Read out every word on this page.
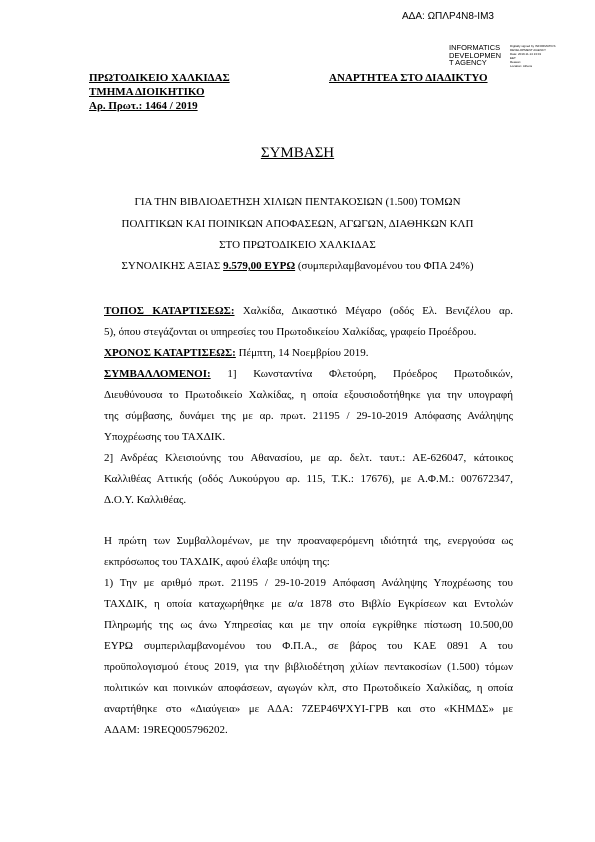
ΑΔΑ: ΩΠΛΡ4Ν8-ΙΜ3
INFORMATICS
DEVELOPMEN
T AGENCY
Digitally signed by INFORMATICS
DEVELOPMENT AGENCY
Date: 2019.11.14 13:01
EET
Reason:
Location: Athens
ΠΡΩΤΟΔΙΚΕΙΟ ΧΑΛΚΙΔΑΣ
ΤΜΗΜΑ ΔΙΟΙΚΗΤΙΚΟ
Αρ. Πρωτ.: 1464 / 2019
ΑΝΑΡΤΗΤΕΑ ΣΤΟ ΔΙΑΔΙΚΤΥΟ
ΣΥΜΒΑΣΗ
ΓΙΑ ΤΗΝ ΒΙΒΛΙΟΔΕΤΗΣΗ ΧΙΛΙΩΝ ΠΕΝΤΑΚΟΣΙΩΝ (1.500) ΤΟΜΩΝ
ΠΟΛΙΤΙΚΩΝ ΚΑΙ ΠΟΙΝΙΚΩΝ ΑΠΟΦΑΣΕΩΝ, ΑΓΩΓΩΝ, ΔΙΑΘΗΚΩΝ ΚΛΠ
ΣΤΟ ΠΡΩΤΟΔΙΚΕΙΟ ΧΑΛΚΙΔΑΣ
ΣΥΝΟΛΙΚΗΣ ΑΞΙΑΣ 9.579,00 ΕΥΡΩ (συμπεριλαμβανομένου του ΦΠΑ 24%)
ΤΟΠΟΣ ΚΑΤΑΡΤΙΣΕΩΣ: Χαλκίδα, Δικαστικό Μέγαρο (οδός Ελ. Βενιζέλου αρ.
5), όπου στεγάζονται οι υπηρεσίες του Πρωτοδικείου Χαλκίδας, γραφείο Προέδρου.
ΧΡΟΝΟΣ ΚΑΤΑΡΤΙΣΕΩΣ: Πέμπτη, 14 Νοεμβρίου 2019.
ΣΥΜΒΑΛΛΟΜΕΝΟΙ: 1] Κωνσταντίνα Φλετούρη, Πρόεδρος Πρωτοδικών,
Διευθύνουσα το Πρωτοδικείο Χαλκίδας, η οποία εξουσιοδοτήθηκε για την υπογραφή
της σύμβασης, δυνάμει της με αρ. πρωτ. 21195 / 29-10-2019 Απόφασης Ανάληψης
Υποχρέωσης του ΤΑΧΔΙΚ.
2] Ανδρέας Κλεισιούνης του Αθανασίου, με αρ. δελτ. ταυτ.: ΑΕ-626047, κάτοικος
Καλλιθέας Αττικής (οδός Λυκούργου αρ. 115, Τ.Κ.: 17676), με Α.Φ.Μ.: 007672347,
Δ.Ο.Υ. Καλλιθέας.
Η πρώτη των Συμβαλλομένων, με την προαναφερόμενη ιδιότητά της, ενεργούσα ως
εκπρόσωπος του ΤΑΧΔΙΚ, αφού έλαβε υπόψη της:
1) Την με αριθμό πρωτ. 21195 / 29-10-2019 Απόφαση Ανάληψης Υποχρέωσης του
ΤΑΧΔΙΚ, η οποία καταχωρήθηκε με α/α 1878 στο Βιβλίο Εγκρίσεων και Εντολών
Πληρωμής της ως άνω Υπηρεσίας και με την οποία εγκρίθηκε πίστωση 10.500,00
ΕΥΡΩ συμπεριλαμβανομένου του Φ.Π.Α., σε βάρος του ΚΑΕ 0891 Α του
προϋπολογισμού έτους 2019, για την βιβλιοδέτηση χιλίων πεντακοσίων (1.500) τόμων
πολιτικών και ποινικών αποφάσεων, αγωγών κλπ, στο Πρωτοδικείο Χαλκίδας, η οποία
αναρτήθηκε στο «Διαύγεια» με ΑΔΑ: 7ΖΕΡ46ΨΧΥΙ-ΓΡΒ και στο «ΚΗΜΔΣ» με
ΑΔΑΜ: 19REQ005796202.
